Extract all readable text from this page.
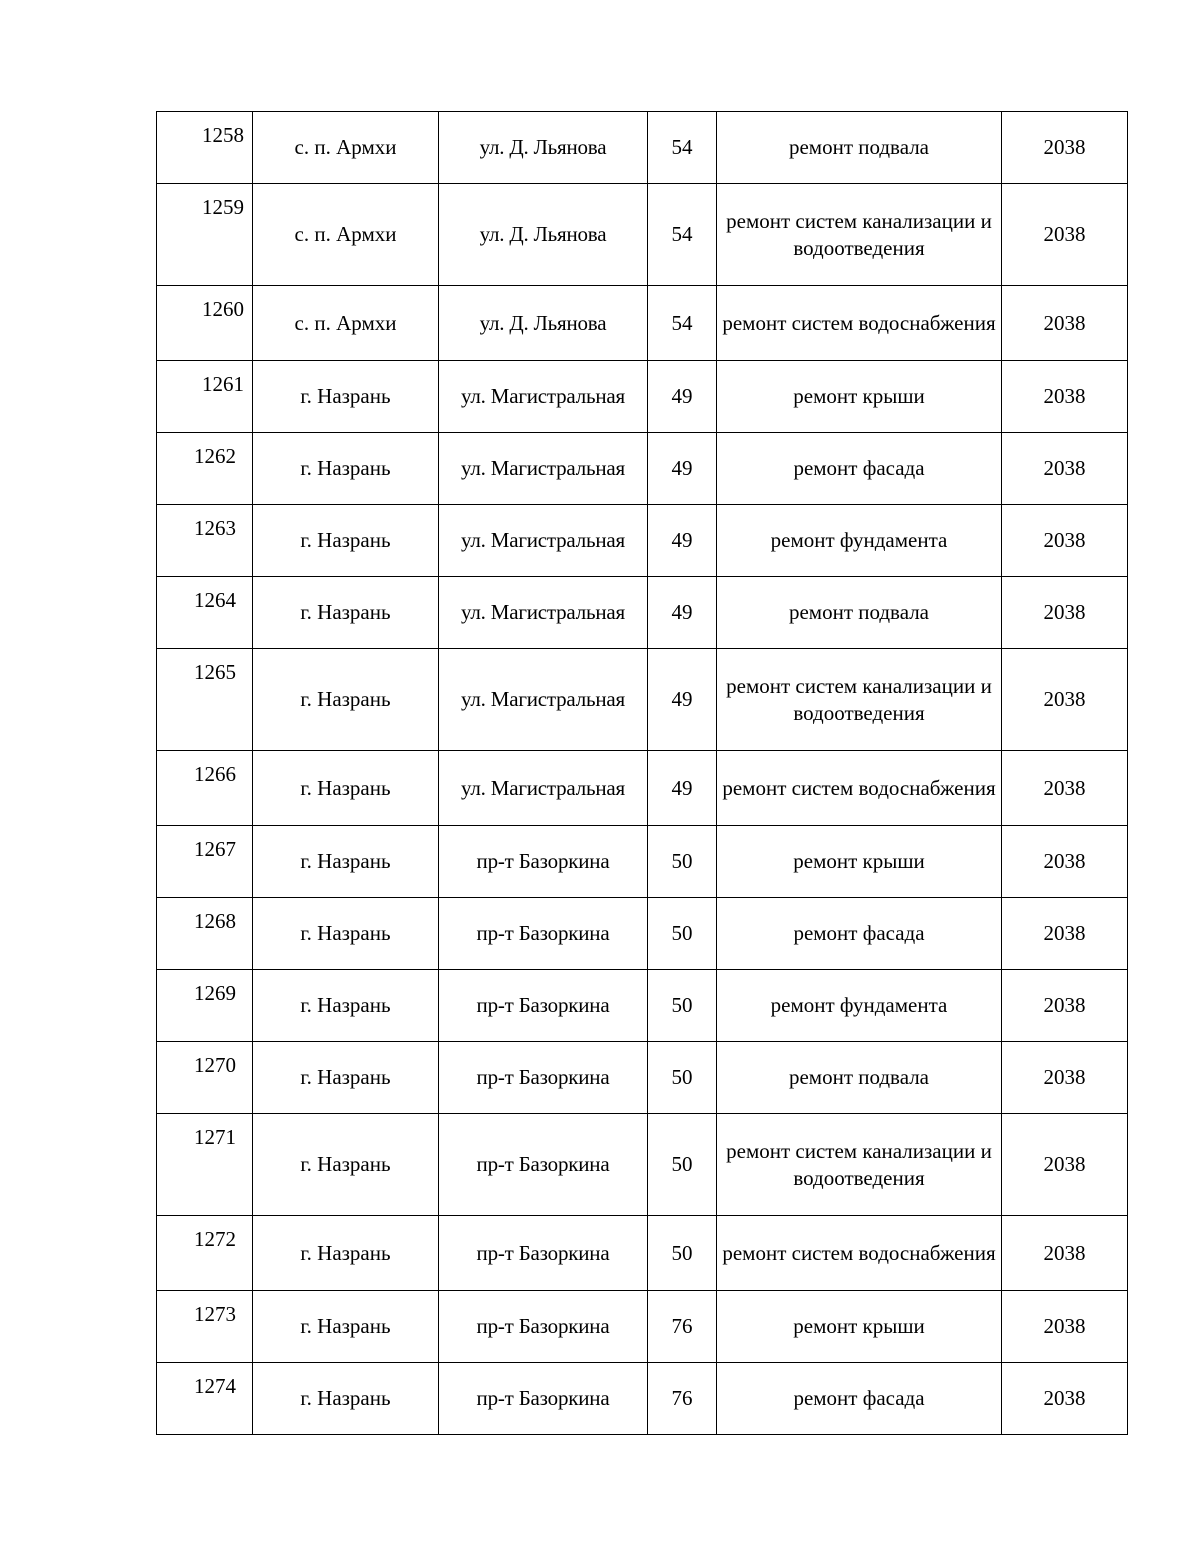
1258	с. п. Армхи	ул. Д. Льянова	54	ремонт подвала	2038
1259	с. п. Армхи	ул. Д. Льянова	54	ремонт систем канализации и водоотведения	2038
1260	с. п. Армхи	ул. Д. Льянова	54	ремонт систем водоснабжения	2038
1261	г. Назрань	ул. Магистральная	49	ремонт крыши	2038
1262	г. Назрань	ул. Магистральная	49	ремонт фасада	2038
1263	г. Назрань	ул. Магистральная	49	ремонт фундамента	2038
1264	г. Назрань	ул. Магистральная	49	ремонт подвала	2038
1265	г. Назрань	ул. Магистральная	49	ремонт систем канализации и водоотведения	2038
1266	г. Назрань	ул. Магистральная	49	ремонт систем водоснабжения	2038
1267	г. Назрань	пр-т Базоркина	50	ремонт крыши	2038
1268	г. Назрань	пр-т Базоркина	50	ремонт фасада	2038
1269	г. Назрань	пр-т Базоркина	50	ремонт фундамента	2038
1270	г. Назрань	пр-т Базоркина	50	ремонт подвала	2038
1271	г. Назрань	пр-т Базоркина	50	ремонт систем канализации и водоотведения	2038
1272	г. Назрань	пр-т Базоркина	50	ремонт систем водоснабжения	2038
1273	г. Назрань	пр-т Базоркина	76	ремонт крыши	2038
1274	г. Назрань	пр-т Базоркина	76	ремонт фасада	2038
